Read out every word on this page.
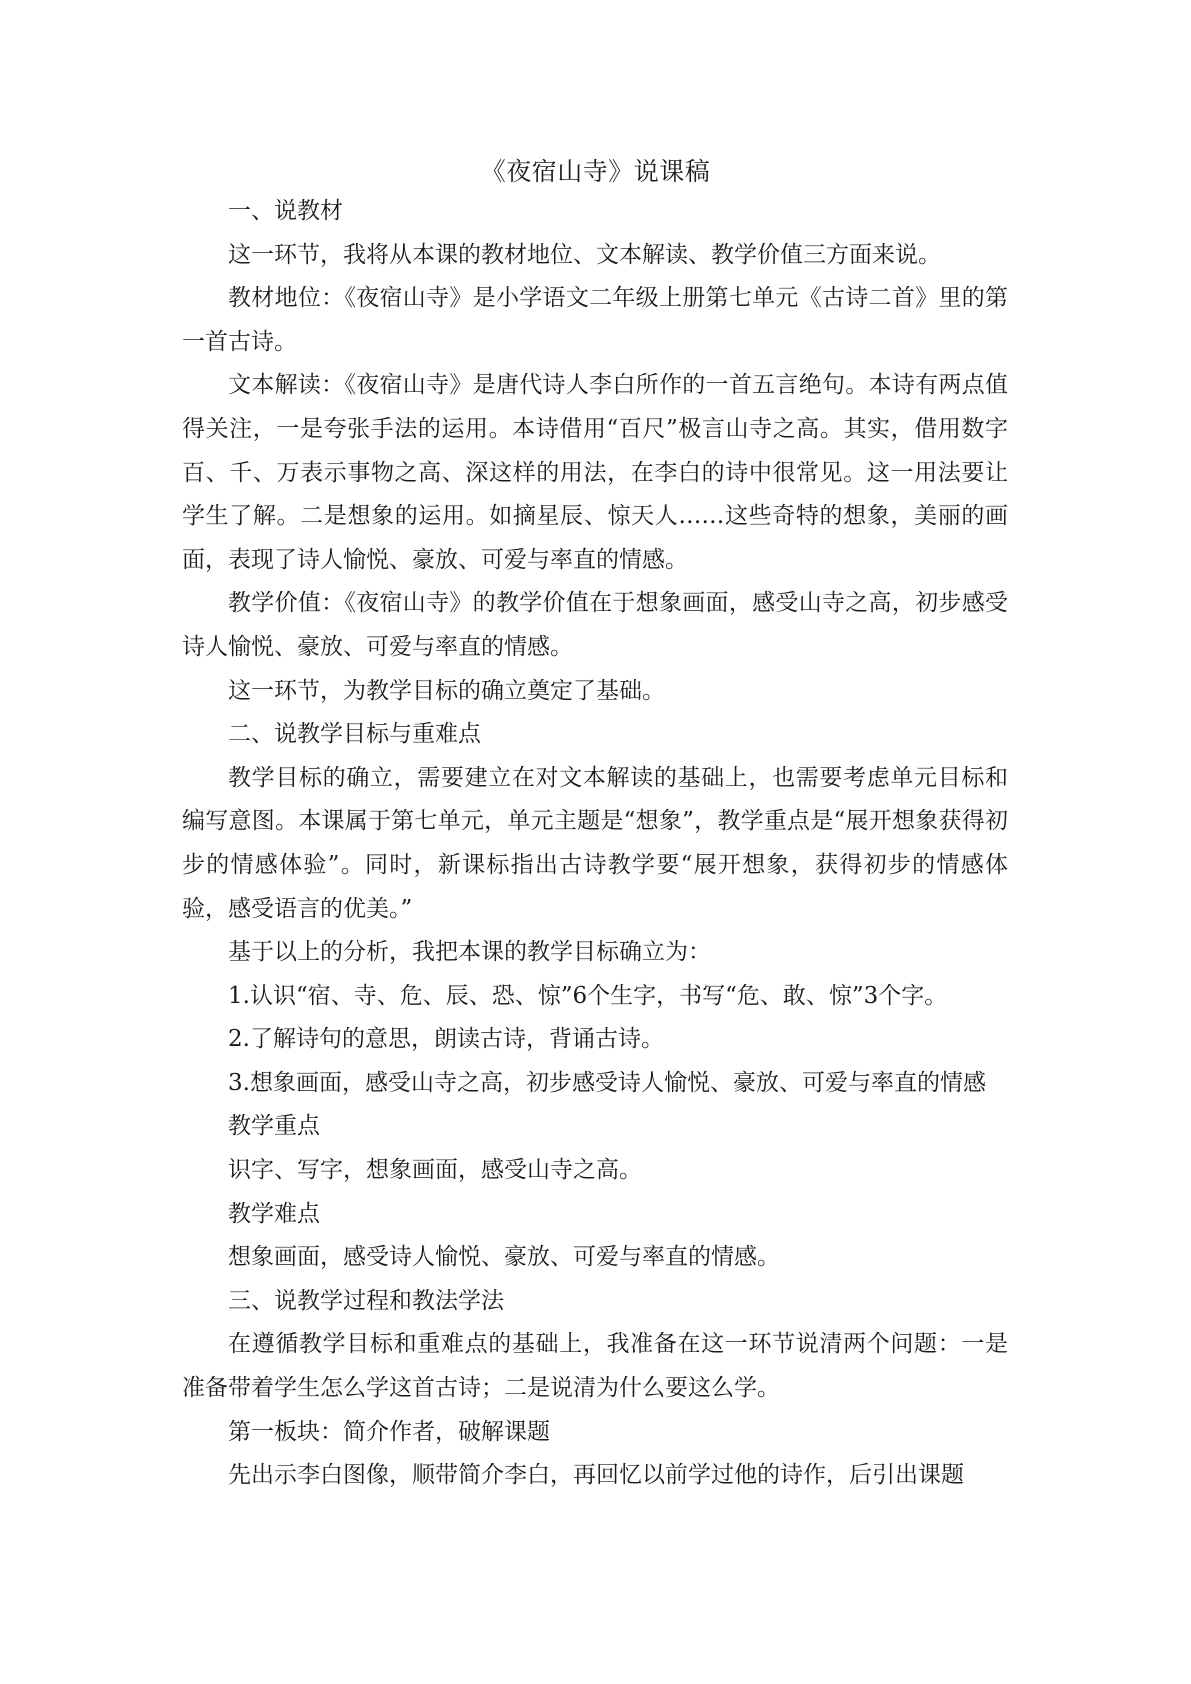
《夜宿山寺》说课稿

一、说教材

这一环节，我将从本课的教材地位、文本解读、教学价值三方面来说。

教材地位：《夜宿山寺》是小学语文二年级上册第七单元《古诗二首》里的第一首古诗。

文本解读：《夜宿山寺》是唐代诗人李白所作的一首五言绝句。本诗有两点值得关注，一是夸张手法的运用。本诗借用“百尺”极言山寺之高。其实，借用数字百、千、万表示事物之高、深这样的用法，在李白的诗中很常见。这一用法要让学生了解。二是想象的运用。如摘星辰、惊天人……这些奇特的想象，美丽的画面，表现了诗人愉悦、豪放、可爱与率直的情感。

教学价值：《夜宿山寺》的教学价值在于想象画面，感受山寺之高，初步感受诗人愉悦、豪放、可爱与率直的情感。

这一环节，为教学目标的确立奠定了基础。

二、说教学目标与重难点

教学目标的确立，需要建立在对文本解读的基础上，也需要考虑单元目标和编写意图。本课属于第七单元，单元主题是“想象”，教学重点是“展开想象获得初步的情感体验”。同时，新课标指出古诗教学要“展开想象，获得初步的情感体验，感受语言的优美。”

基于以上的分析，我把本课的教学目标确立为：

1.认识“宿、寺、危、辰、恐、惊”6个生字，书写“危、敢、惊”3个字。

2.了解诗句的意思，朗读古诗，背诵古诗。

3.想象画面，感受山寺之高，初步感受诗人愉悦、豪放、可爱与率直的情感

教学重点

识字、写字，想象画面，感受山寺之高。

教学难点

想象画面，感受诗人愉悦、豪放、可爱与率直的情感。

三、说教学过程和教法学法

在遵循教学目标和重难点的基础上，我准备在这一环节说清两个问题：一是准备带着学生怎么学这首古诗；二是说清为什么要这么学。

第一板块：简介作者，破解课题

先出示李白图像，顺带简介李白，再回忆以前学过他的诗作，后引出课题
